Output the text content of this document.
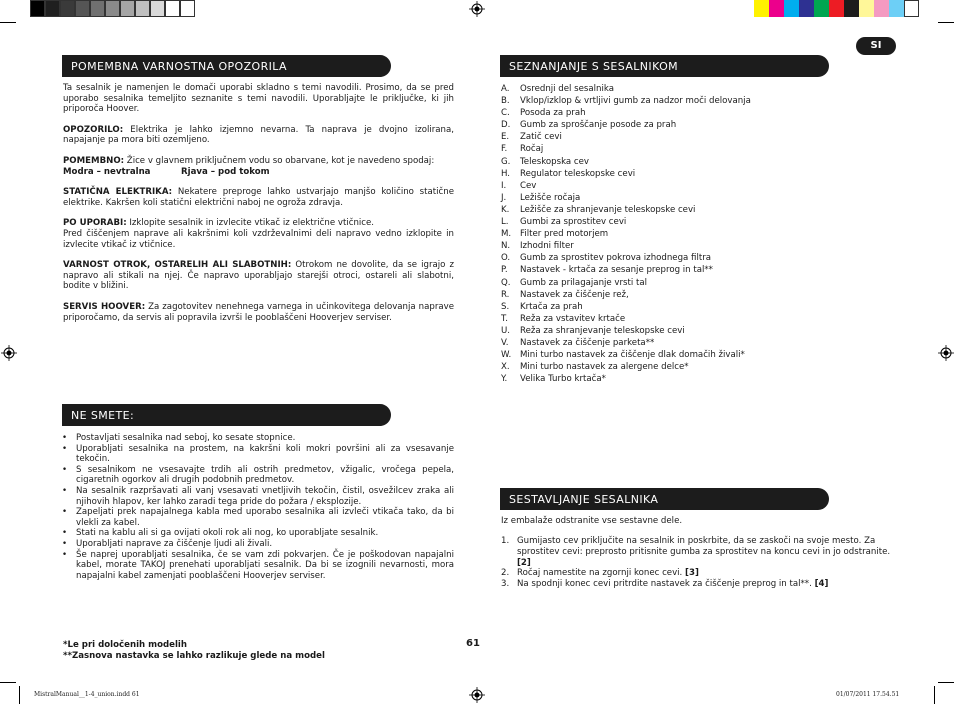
SI
POMEMBNA VARNOSTNA OPOZORILA

Ta sesalnik je namenjen le domači uporabi skladno s temi navodili. Prosimo, da se pred uporabo sesalnika temeljito seznanite s temi navodili. Uporabljajte le priključke, ki jih priporoča Hoover.

OPOZORILO: Elektrika je lahko izjemno nevarna. Ta naprava je dvojno izolirana, napajanje pa mora biti ozemljeno.

POMEMBNO: Žice v glavnem priključnem vodu so obarvane, kot je navedeno spodaj:

Modra – nevtralna	Rjava – pod tokom

STATIČNA ELEKTRIKA: Nekatere preproge lahko ustvarjajo manjšo količino statične elektrike. Kakršen koli statični električni naboj ne ogroža zdravja.

PO UPORABI: Izklopite sesalnik in izvlecite vtikač iz električne vtičnice.

Pred čiščenjem naprave ali kakršnimi koli vzdrževalnimi deli napravo vedno izklopite in izvlecite vtikač iz vtičnice.

VARNOST OTROK, OSTARELIH ALI SLABOTNIH: Otrokom ne dovolite, da se igrajo z napravo ali stikali na njej. Če napravo uporabljajo starejši otroci, ostareli ali slabotni, bodite v bližini.

SERVIS HOOVER: Za zagotovitev nenehnega varnega in učinkovitega delovanja naprave priporočamo, da servis ali popravila izvrši le pooblaščeni Hooverjev serviser.

NE SMETE:
•	Postavljati sesalnika nad seboj, ko sesate stopnice.
•	Uporabljati sesalnika na prostem, na kakršni koli mokri površini ali za vsesavanje tekočin.
•	S sesalnikom ne vsesavajte trdih ali ostrih predmetov, vžigalic, vročega pepela, cigaretnih ogorkov ali drugih podobnih predmetov.
•	Na sesalnik razpršavati ali vanj vsesavati vnetljivih tekočin, čistil, osvežilcev zraka ali njihovih hlapov, ker lahko zaradi tega pride do požara / eksplozije.
•	Zapeljati prek napajalnega kabla med uporabo sesalnika ali izvleči vtikača tako, da bi vlekli za kabel.
•	Stati na kablu ali si ga ovijati okoli rok ali nog, ko uporabljate sesalnik.
•	Uporabljati naprave za čiščenje ljudi ali živali.
•	Še naprej uporabljati sesalnika, če se vam zdi pokvarjen. Če je poškodovan napajalni kabel, morate TAKOJ prenehati uporabljati sesalnik. Da bi se izognili nevarnosti, mora napajalni kabel zamenjati pooblaščeni Hooverjev serviser.
*Le pri določenih modelih
**Zasnova nastavka se lahko razlikuje glede na model
61
SEZNANJANJE S SESALNIKOM
A.	Osrednji del sesalnika
B.	Vklop/izklop & vrtljivi gumb za nadzor moči delovanja
C.	Posoda za prah
D.	Gumb za sproščanje posode za prah
E.	Zatič cevi
F.	Ročaj
G.	Teleskopska cev
H.	Regulator teleskopske cevi
I.	Cev
J.	Ležišče ročaja
K.	Ležišče za shranjevanje teleskopske cevi
L.	Gumbi za sprostitev cevi
M.	Filter pred motorjem
N.	Izhodni filter
O.	Gumb za sprostitev pokrova izhodnega filtra
P.	Nastavek - krtača za sesanje preprog in tal**
Q.	Gumb za prilagajanje vrsti tal
R.	Nastavek za čiščenje rež,
S.	Krtača za prah
T.	Reža za vstavitev krtače
U.	Reža za shranjevanje teleskopske cevi
V.	Nastavek za čiščenje parketa**
W.	Mini turbo nastavek za čiščenje dlak domačih živali*
X.	Mini turbo nastavek za alergene delce*
Y.	Velika Turbo krtača*
SESTAVLJANJE SESALNIKA
Iz embalaže odstranite vse sestavne dele.
1. Gumijasto cev priključite na sesalnik in poskrbite, da se zaskoči na svoje mesto. Za sprostitev cevi: preprosto pritisnite gumba za sprostitev na koncu cevi in jo odstranite. [2]
2. Ročaj namestite na zgornji konec cevi. [3]
3. Na spodnji konec cevi pritrdite nastavek za čiščenje preprog in tal**. [4]
MistralManual__1-4_union.indd 61	01/07/2011 17.54.51
